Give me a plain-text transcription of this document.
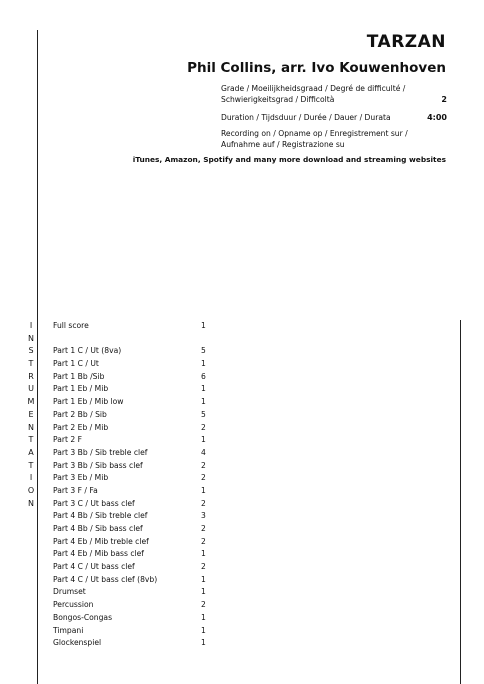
TARZAN
Phil Collins, arr. Ivo Kouwenhoven
Grade / Moeilijkheidsgraad / Degré de difficulté / Schwierigkeitsgrad / Difficoltà	2
Duration / Tijdsduur / Durée / Dauer / Durata	4:00
Recording on / Opname op / Enregistrement sur / Aufnahme auf / Registrazione su
iTunes, Amazon, Spotify and many more download and streaming websites
I
N
S
T
R
U
M
E
N
T
A
T
I
O
N
Full score	1
Part 1 C / Ut (8va)	5
Part 1 C / Ut	1
Part 1 Bb /Sib	6
Part 1 Eb / Mib	1
Part 1 Eb / Mib low	1
Part 2 Bb / Sib	5
Part 2 Eb / Mib	2
Part 2 F	1
Part 3 Bb / Sib treble clef	4
Part 3 Bb / Sib bass clef	2
Part 3 Eb / Mib	2
Part 3 F / Fa	1
Part 3 C / Ut bass clef	2
Part 4 Bb / Sib treble clef	3
Part 4 Bb / Sib bass clef	2
Part 4 Eb / Mib treble clef	2
Part 4 Eb / Mib bass clef	1
Part 4 C / Ut bass clef	2
Part 4 C / Ut bass clef (8vb)	1
Drumset	1
Percussion	2
Bongos-Congas	1
Timpani	1
Glockenspiel	1
